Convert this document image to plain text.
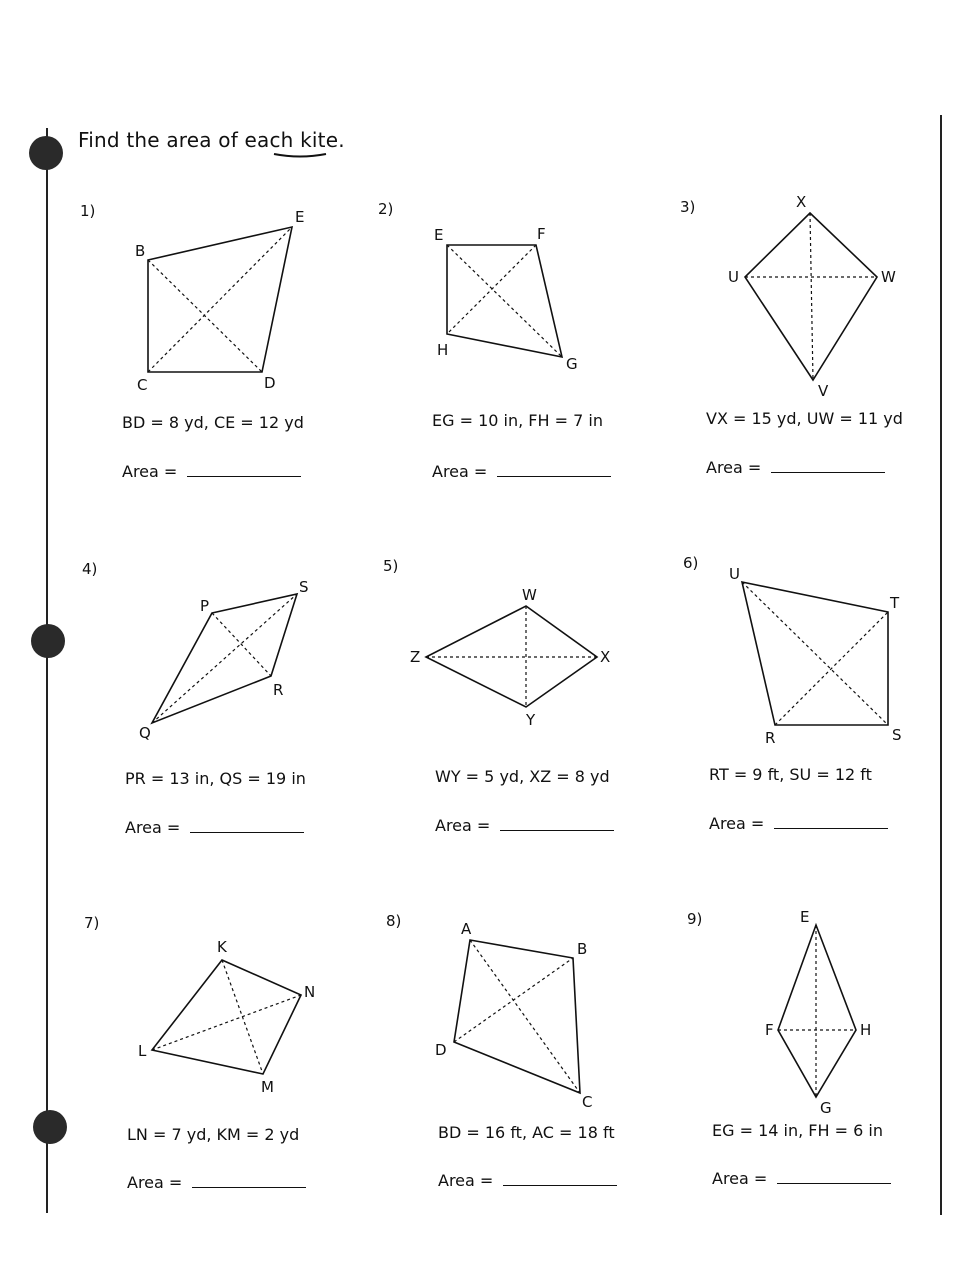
Find the area of each kite.
1)
B
E
C	D
BD = 8 yd, CE = 12 yd
Area =
2)
E	F
H
G
EG = 10 in, FH = 7 in
Area =
3)	X
U	W
V
VX = 15 yd, UW = 11 yd
Area =
4)
P
S
R
Q
PR = 13 in, QS = 19 in
Area =
5)
W
Z	X
Y
WY = 5 yd, XZ = 8 yd
Area =
6)
U
T
R	S
RT = 9 ft, SU = 12 ft
Area =
7)
K
N
L
M
LN = 7 yd, KM = 2 yd
Area =
8)	A
B
D
C
BD = 16 ft, AC = 18 ft
Area =
9)	E
F	H
G
EG = 14 in, FH = 6 in
Area =
